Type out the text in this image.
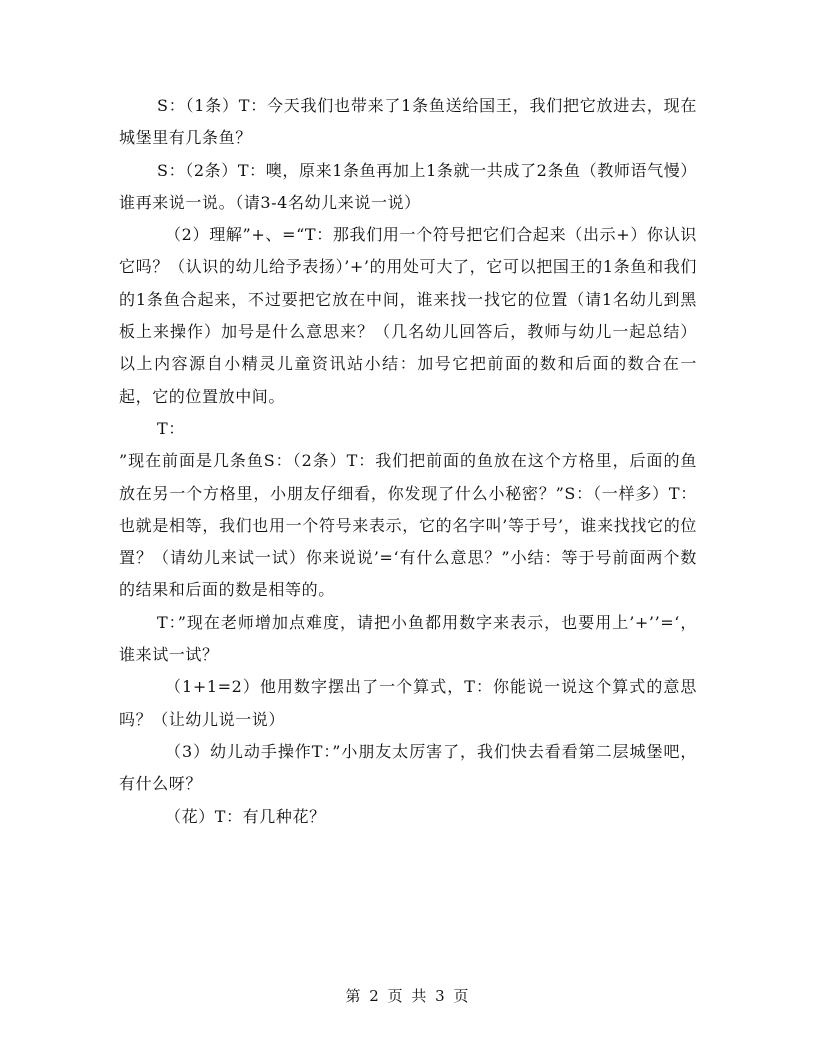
S：（1条）T：今天我们也带来了1条鱼送给国王，我们把它放进去，现在城堡里有几条鱼？

S：（2条）T：噢，原来1条鱼再加上1条就一共成了2条鱼（教师语气慢）谁再来说一说。（请3-4名幼儿来说一说）

（2）理解”+、=“T：那我们用一个符号把它们合起来（出示+）你认识它吗？（认识的幼儿给予表扬）’+’的用处可大了，它可以把国王的1条鱼和我们的1条鱼合起来，不过要把它放在中间，谁来找一找它的位置（请1名幼儿到黑板上来操作）加号是什么意思来？（几名幼儿回答后，教师与幼儿一起总结）以上内容源自小精灵儿童资讯站小结：加号它把前面的数和后面的数合在一起，它的位置放中间。

T：

”现在前面是几条鱼S：（2条）T：我们把前面的鱼放在这个方格里，后面的鱼放在另一个方格里，小朋友仔细看，你发现了什么小秘密？”S：（一样多）T：也就是相等，我们也用一个符号来表示，它的名字叫’等于号’，谁来找找它的位置？（请幼儿来试一试）你来说说’=‘有什么意思？”小结：等于号前面两个数的结果和后面的数是相等的。

T：”现在老师增加点难度，请把小鱼都用数字来表示，也要用上’+’’=‘，谁来试一试？

（1+1=2）他用数字摆出了一个算式，T：你能说一说这个算式的意思吗？（让幼儿说一说）

（3）幼儿动手操作T：”小朋友太厉害了，我们快去看看第二层城堡吧，有什么呀？

（花）T：有几种花？

第 2 页 共 3 页
